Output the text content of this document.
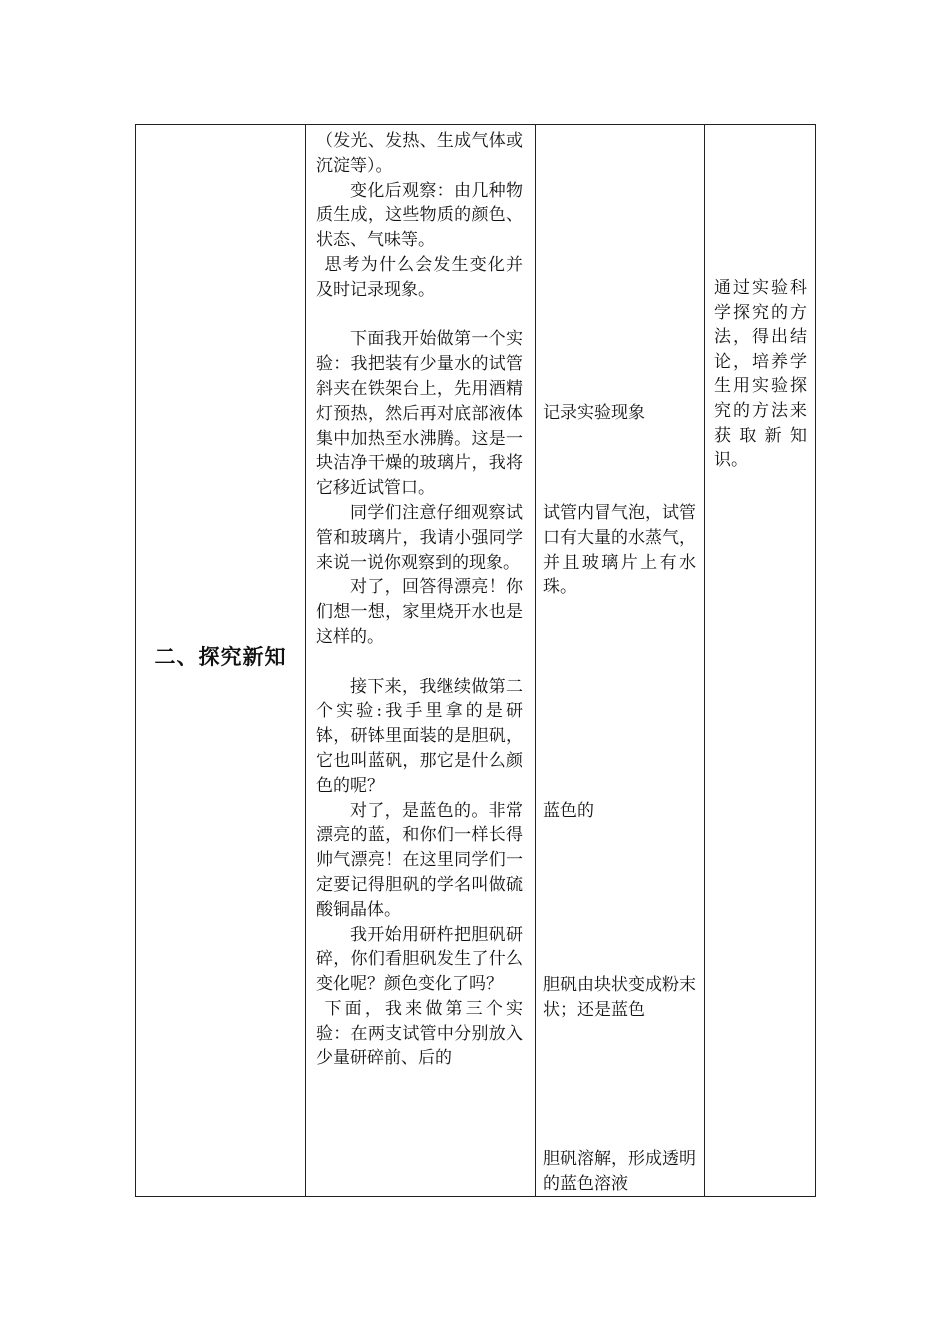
二、探究新知

（发光、发热、生成气体或沉淀等）。

变化后观察：由几种物质生成，这些物质的颜色、状态、气味等。

思考为什么会发生变化并及时记录现象。

下面我开始做第一个实验：我把装有少量水的试管斜夹在铁架台上，先用酒精灯预热，然后再对底部液体集中加热至水沸腾。这是一块洁净干燥的玻璃片，我将它移近试管口。

同学们注意仔细观察试管和玻璃片，我请小强同学来说一说你观察到的现象。

对了，回答得漂亮！你们想一想，家里烧开水也是这样的。

接下来，我继续做第二个实验:我手里拿的是研钵，研钵里面装的是胆矾，它也叫蓝矾，那它是什么颜色的呢？

对了，是蓝色的。非常漂亮的蓝，和你们一样长得帅气漂亮！在这里同学们一定要记得胆矾的学名叫做硫酸铜晶体。

我开始用研杵把胆矾研碎，你们看胆矾发生了什么变化呢？颜色变化了吗？

下面，我来做第三个实验：在两支试管中分别放入少量研碎前、后的

记录实验现象

试管内冒气泡，试管口有大量的水蒸气，并且玻璃片上有水珠。

蓝色的

胆矾由块状变成粉末状；还是蓝色

胆矾溶解，形成透明的蓝色溶液

通过实验科学探究的方法，得出结论，培养学生用实验探究的方法来获取新知识。
